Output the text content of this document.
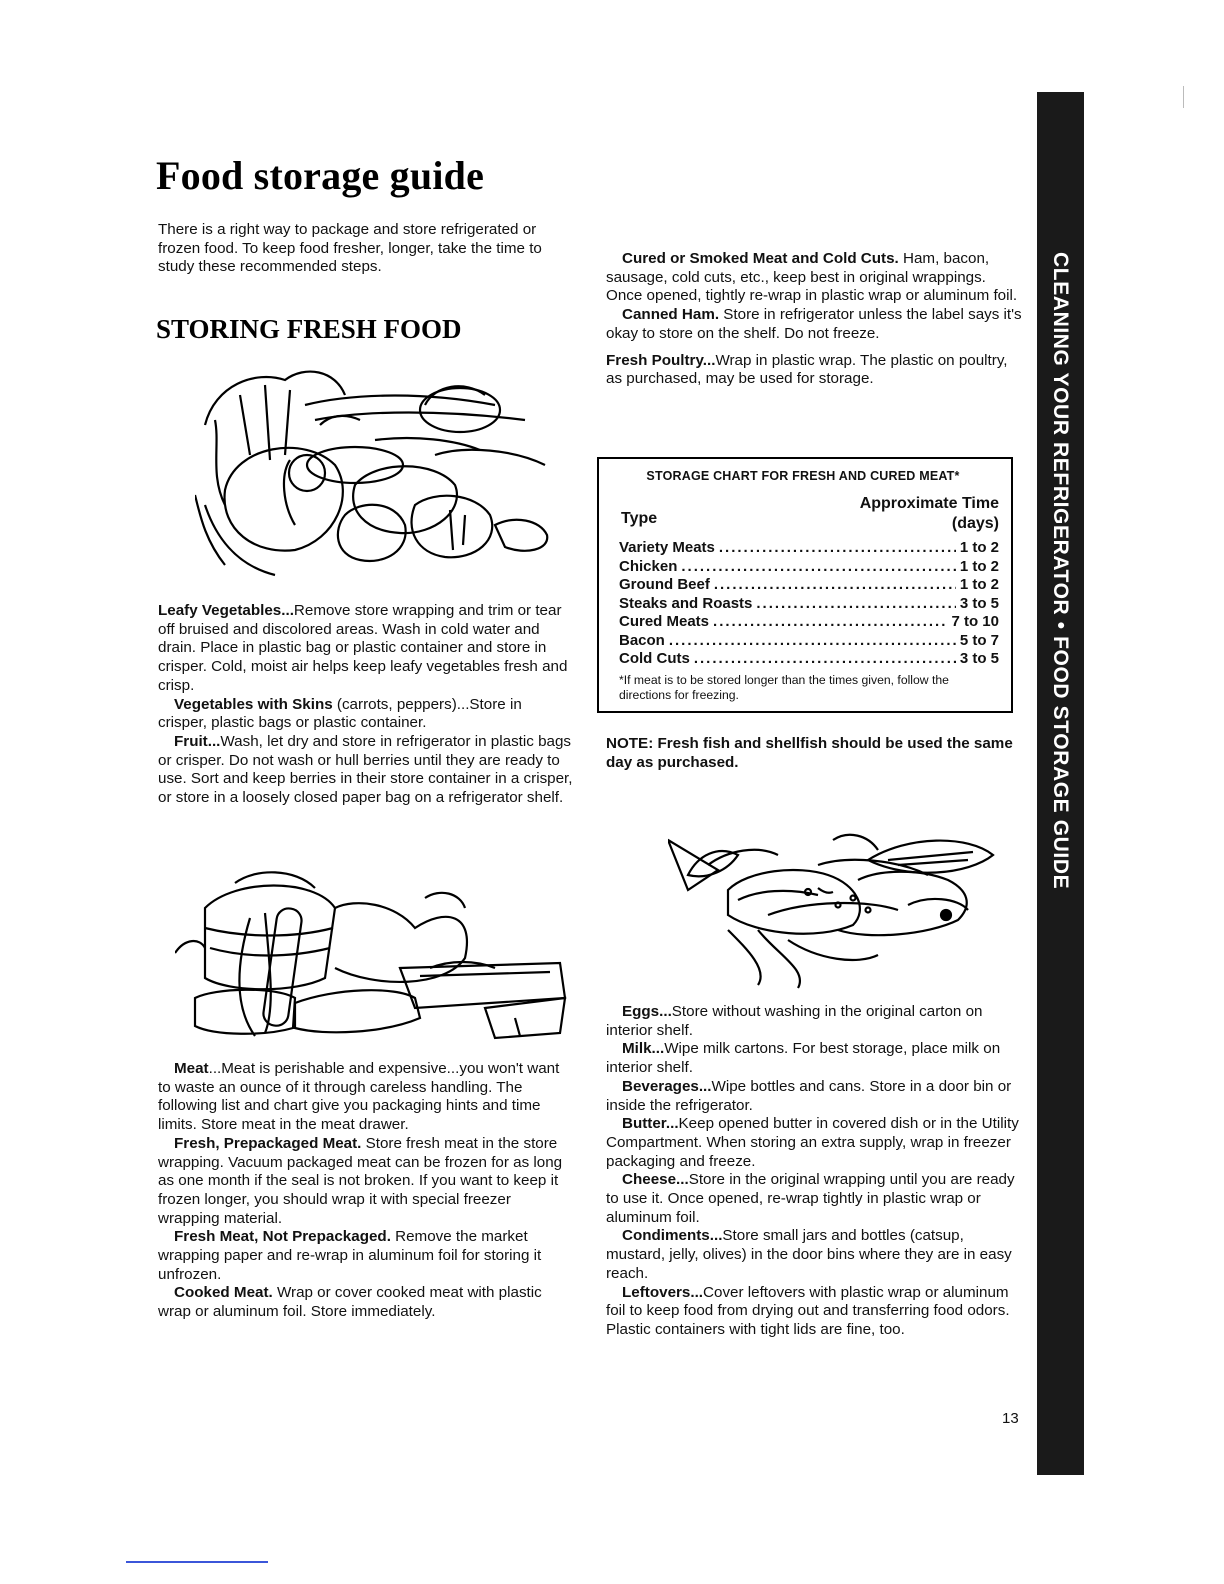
Food storage guide
There is a right way to package and store refrigerated or frozen food. To keep food fresher, longer, take the time to study these recommended steps.
STORING FRESH FOOD

Leafy Vegetables...Remove store wrapping and trim or tear off bruised and discolored areas. Wash in cold water and drain. Place in plastic bag or plastic container and store in crisper. Cold, moist air helps keep leafy vegetables fresh and crisp.

Vegetables with Skins (carrots, peppers)...Store in crisper, plastic bags or plastic container.

Fruit...Wash, let dry and store in refrigerator in plastic bags or crisper. Do not wash or hull berries until they are ready to use. Sort and keep berries in their store container in a crisper, or store in a loosely closed paper bag on a refrigerator shelf.

Meat...Meat is perishable and expensive...you won't want to waste an ounce of it through careless handling. The following list and chart give you packaging hints and time limits. Store meat in the meat drawer.

Fresh, Prepackaged Meat. Store fresh meat in the store wrapping. Vacuum packaged meat can be frozen for as long as one month if the seal is not broken. If you want to keep it frozen longer, you should wrap it with special freezer wrapping material.

Fresh Meat, Not Prepackaged. Remove the market wrapping paper and re-wrap in aluminum foil for storing it unfrozen.

Cooked Meat. Wrap or cover cooked meat with plastic wrap or aluminum foil. Store immediately.

Cured or Smoked Meat and Cold Cuts. Ham, bacon, sausage, cold cuts, etc., keep best in original wrappings. Once opened, tightly re-wrap in plastic wrap or aluminum foil.

Canned Ham. Store in refrigerator unless the label says it's okay to store on the shelf. Do not freeze.

Fresh Poultry...Wrap in plastic wrap. The plastic on poultry, as purchased, may be used for storage.

STORAGE CHART FOR FRESH AND CURED MEAT*
Type
Approximate Time
(days)
Variety Meats .....	1 to 2
Chicken .....	1 to 2
Ground Beef .....	1 to 2
Steaks and Roasts .....	3 to 5
Cured Meats .....	7 to 10
Bacon .....	5 to 7
Cold Cuts .....	3 to 5
*If meat is to be stored longer than the times given, follow the directions for freezing.

NOTE: Fresh fish and shellfish should be used the same day as purchased.

Eggs...Store without washing in the original carton on interior shelf.

Milk...Wipe milk cartons. For best storage, place milk on interior shelf.

Beverages...Wipe bottles and cans. Store in a door bin or inside the refrigerator.

Butter...Keep opened butter in covered dish or in the Utility Compartment. When storing an extra supply, wrap in freezer packaging and freeze.

Cheese...Store in the original wrapping until you are ready to use it. Once opened, re-wrap tightly in plastic wrap or aluminum foil.

Condiments...Store small jars and bottles (catsup, mustard, jelly, olives) in the door bins where they are in easy reach.

Leftovers...Cover leftovers with plastic wrap or aluminum foil to keep food from drying out and transferring food odors. Plastic containers with tight lids are fine, too.

13
CLEANING YOUR REFRIGERATOR • FOOD STORAGE GUIDE
